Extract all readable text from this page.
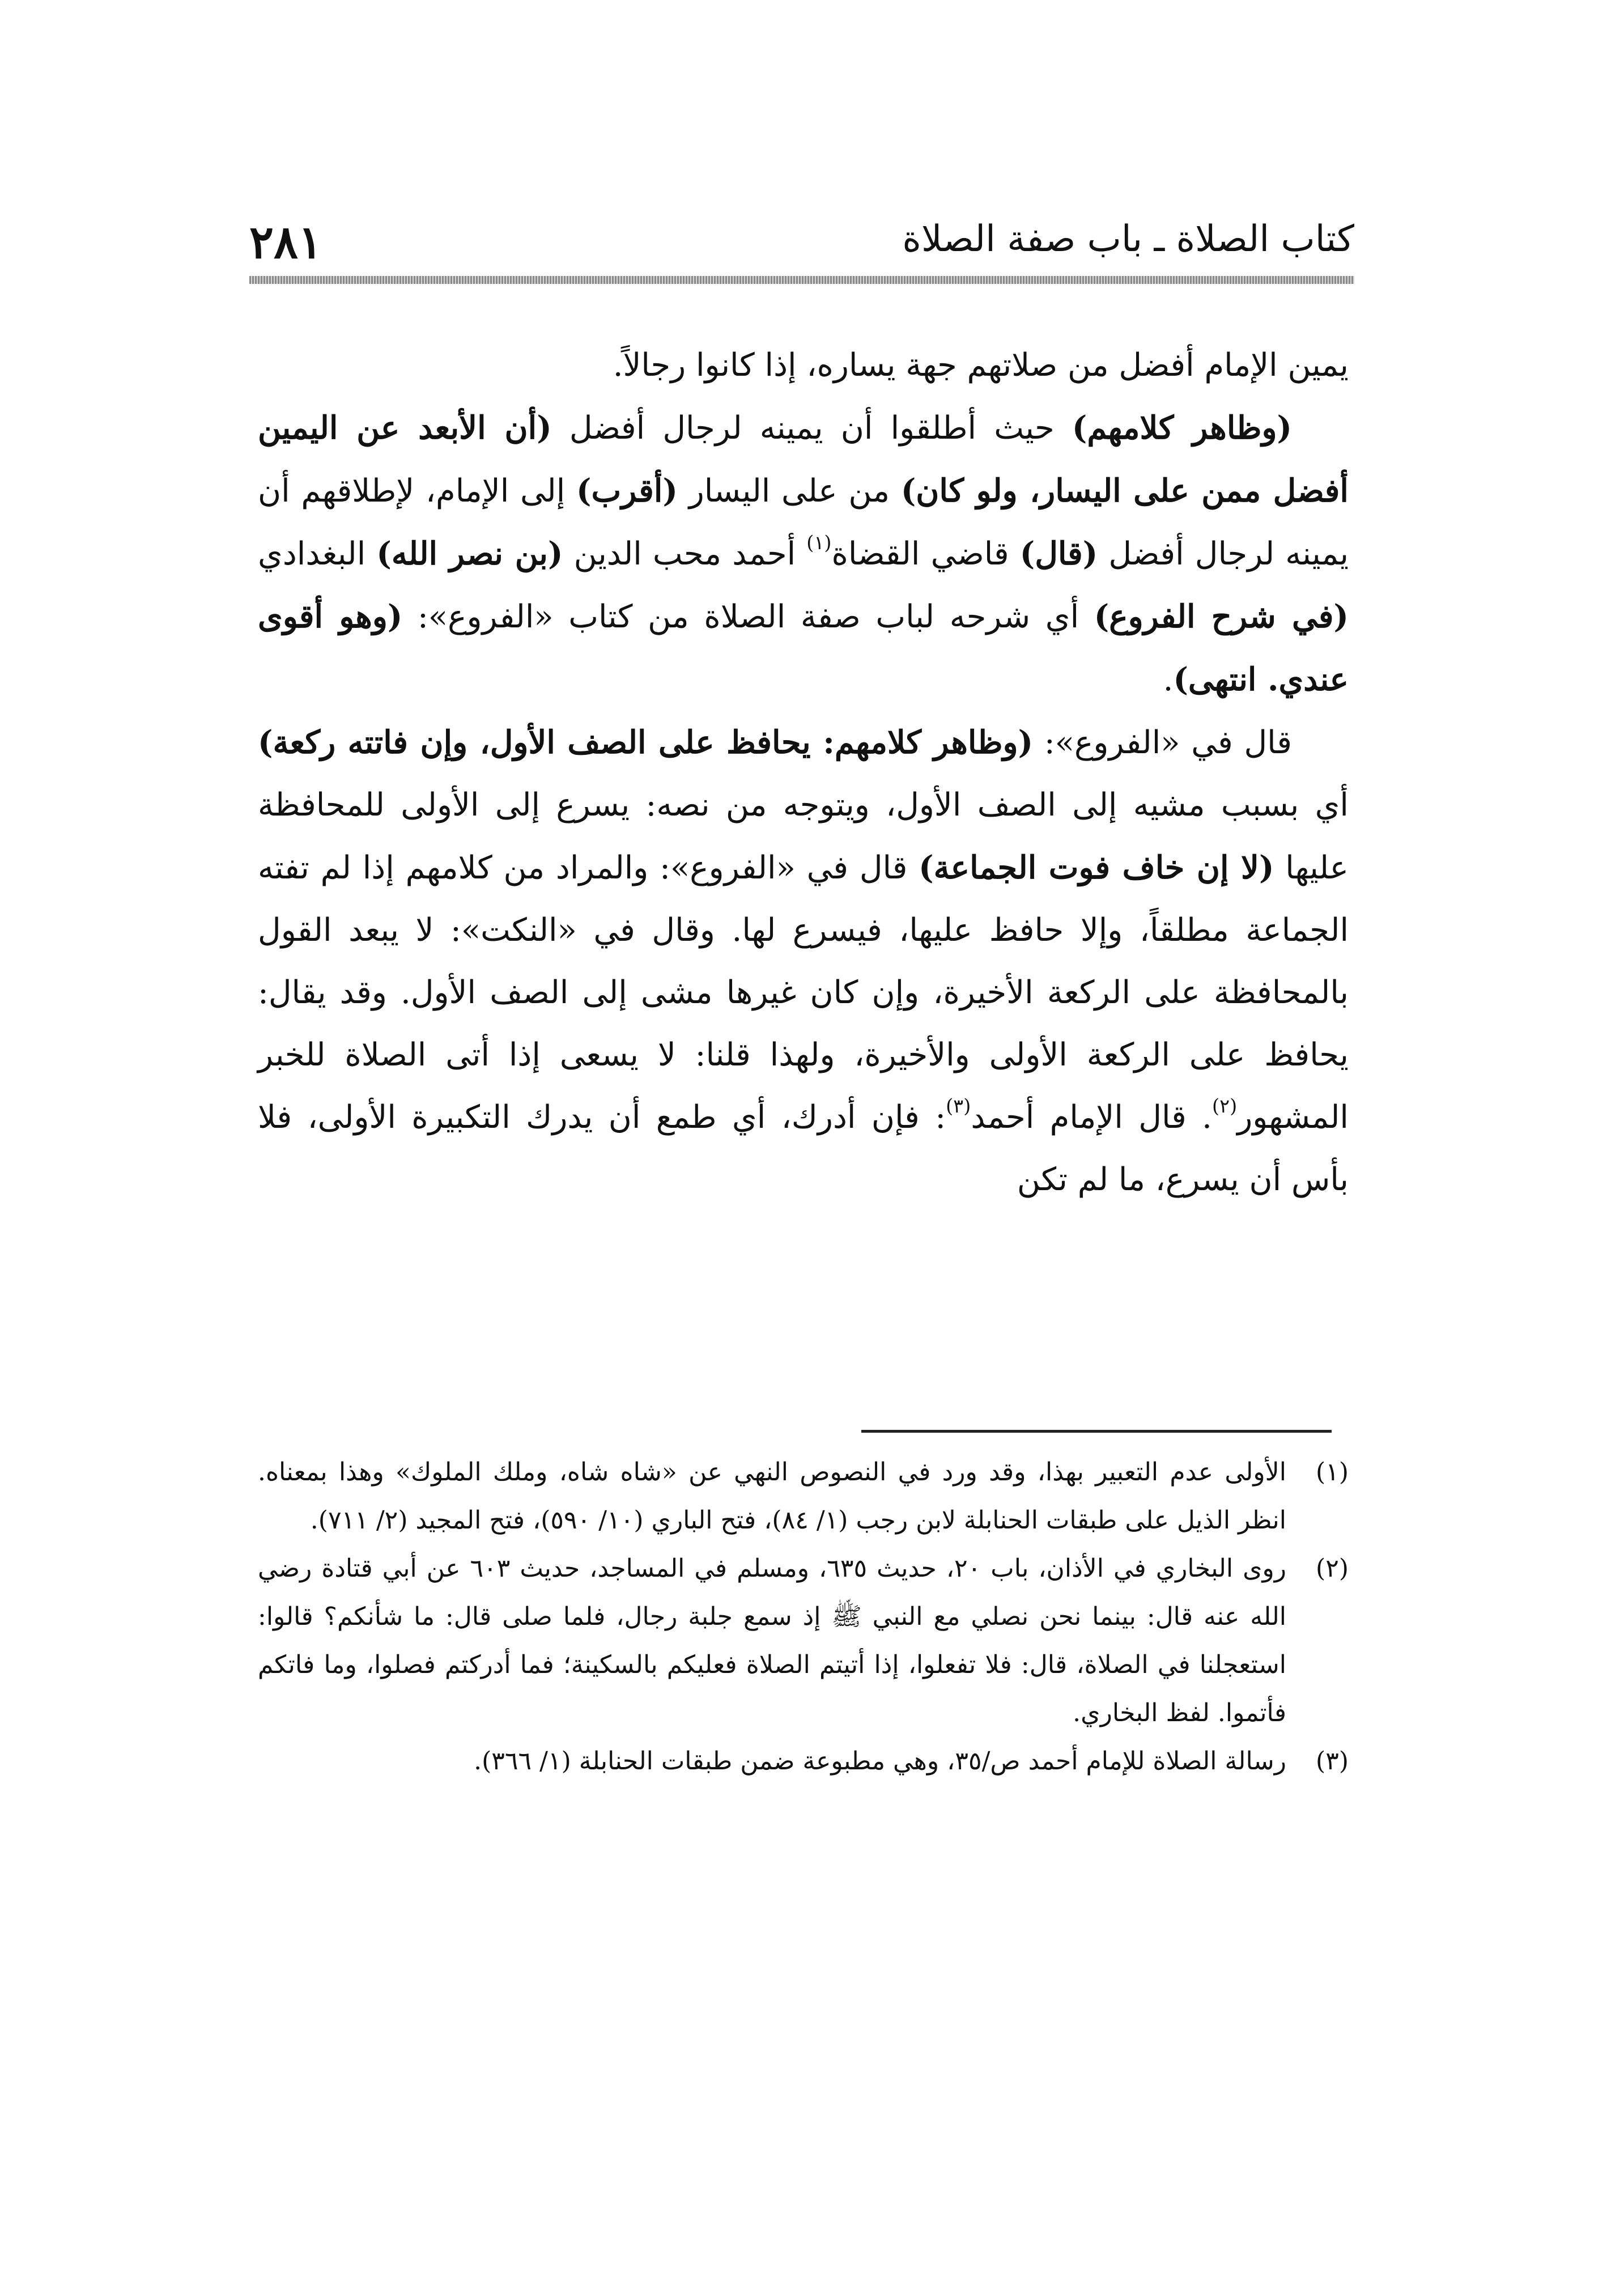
٢٨١	كتاب الصلاة ـ باب صفة الصلاة

يمين الإمام أفضل من صلاتهم جهة يساره، إذا كانوا رجالاً.

(وظاهر كلامهم) حيث أطلقوا أن يمينه لرجال أفضل (أن الأبعد عن اليمين أفضل ممن على اليسار، ولو كان) من على اليسار (أقرب) إلى الإمام، لإطلاقهم أن يمينه لرجال أفضل (قال) قاضي القضاة$^{(١)}$ أحمد محب الدين (بن نصر الله) البغدادي (في شرح الفروع) أي شرحه لباب صفة الصلاة من كتاب «الفروع»: (وهو أقوى عندي. انتهى).

قال في «الفروع»: (وظاهر كلامهم: يحافظ على الصف الأول، وإن فاتته ركعة) أي بسبب مشيه إلى الصف الأول، ويتوجه من نصه: يسرع إلى الأولى للمحافظة عليها (لا إن خاف فوت الجماعة) قال في «الفروع»: والمراد من كلامهم إذا لم تفته الجماعة مطلقاً، وإلا حافظ عليها، فيسرع لها. وقال في «النكت»: لا يبعد القول بالمحافظة على الركعة الأخيرة، وإن كان غيرها مشى إلى الصف الأول. وقد يقال: يحافظ على الركعة الأولى والأخيرة، ولهذا قلنا: لا يسعى إذا أتى الصلاة للخبر المشهور$^{(٢)}$. قال الإمام أحمد$^{(٣)}$: فإن أدرك، أي طمع أن يدرك التكبيرة الأولى، فلا بأس أن يسرع، ما لم تكن

(١)
الأولى عدم التعبير بهذا، وقد ورد في النصوص النهي عن «شاه شاه، وملك الملوك» وهذا بمعناه. انظر الذيل على طبقات الحنابلة لابن رجب (١/ ٨٤)، فتح الباري (١٠/ ٥٩٠)، فتح المجيد (٢/ ٧١١).
(٢)
روى البخاري في الأذان، باب ٢٠، حديث ٦٣٥، ومسلم في المساجد، حديث ٦٠٣ عن أبي قتادة رضي الله عنه قال: بينما نحن نصلي مع النبي ﷺ إذ سمع جلبة رجال، فلما صلى قال: ما شأنكم؟ قالوا: استعجلنا في الصلاة، قال: فلا تفعلوا، إذا أتيتم الصلاة فعليكم بالسكينة؛ فما أدركتم فصلوا، وما فاتكم فأتموا. لفظ البخاري.
(٣)
رسالة الصلاة للإمام أحمد ص/٣٥، وهي مطبوعة ضمن طبقات الحنابلة (١/ ٣٦٦).
